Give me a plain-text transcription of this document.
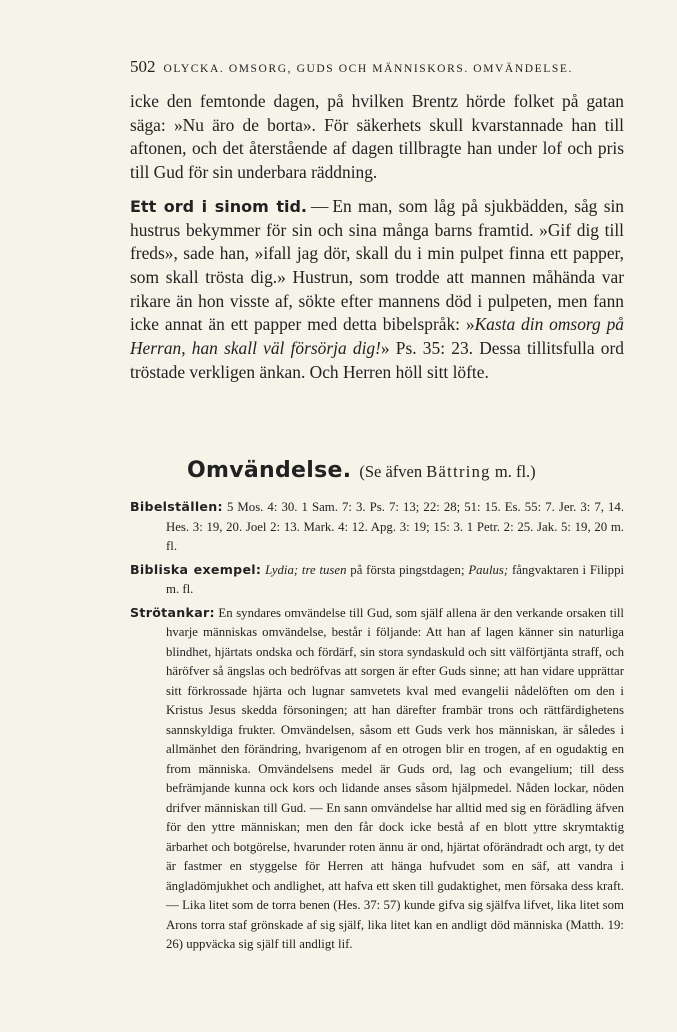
502 OLYCKA. OMSORG, GUDS OCH MÄNNISKORS. OMVÄNDELSE.

icke den femtonde dagen, på hvilken Brentz hörde folket på gatan säga: »Nu äro de borta». För säkerhets skull kvarstannade han till aftonen, och det återstående af dagen tillbragte han under lof och pris till Gud för sin underbara räddning.

Ett ord i sinom tid. — En man, som låg på sjukbädden, såg sin hustrus bekymmer för sin och sina många barns framtid. »Gif dig till freds», sade han, »ifall jag dör, skall du i min pulpet finna ett papper, som skall trösta dig.» Hustrun, som trodde att mannen måhända var rikare än hon visste af, sökte efter mannens död i pulpeten, men fann icke annat än ett papper med detta bibelspråk: »Kasta din omsorg på Herran, han skall väl försörja dig!» Ps. 35: 23. Dessa tillitsfulla ord tröstade verkligen änkan. Och Herren höll sitt löfte.

Omvändelse. (Se äfven Bättring m. fl.)

Bibelställen: 5 Mos. 4: 30. 1 Sam. 7: 3. Ps. 7: 13; 22: 28; 51: 15. Es. 55: 7. Jer. 3: 7, 14. Hes. 3: 19, 20. Joel 2: 13. Mark. 4: 12. Apg. 3: 19; 15: 3. 1 Petr. 2: 25. Jak. 5: 19, 20 m. fl.

Bibliska exempel: Lydia; tre tusen på första pingstdagen; Paulus; fångvaktaren i Filippi m. fl.

Strötankar: En syndares omvändelse till Gud, som själf allena är den verkande orsaken till hvarje människas omvändelse, består i följande: Att han af lagen känner sin naturliga blindhet, hjärtats ondska och fördärf, sin stora syndaskuld och sitt välförtjänta straff, och häröfver så ängslas och bedröfvas att sorgen är efter Guds sinne; att han vidare upprättar sitt förkrossade hjärta och lugnar samvetets kval med evangelii nådelöften om den i Kristus Jesus skedda försoningen; att han därefter frambär trons och rättfärdighetens sannskyldiga frukter. Omvändelsen, såsom ett Guds verk hos människan, är således i allmänhet den förändring, hvarigenom af en otrogen blir en trogen, af en ogudaktig en from människa. Omvändelsens medel är Guds ord, lag och evangelium; till dess befrämjande kunna ock kors och lidande anses såsom hjälpmedel. Nåden lockar, nöden drifver människan till Gud. — En sann omvändelse har alltid med sig en förädling äfven för den yttre människan; men den får dock icke bestå af en blott yttre skrymtaktig ärbarhet och botgörelse, hvarunder roten ännu är ond, hjärtat oförändradt och argt, ty det är fastmer en styggelse för Herren att hänga hufvudet som en säf, att vandra i ängladömjukhet och andlighet, att hafva ett sken till gudaktighet, men försaka dess kraft. — Lika litet som de torra benen (Hes. 37: 57) kunde gifva sig själfva lifvet, lika litet som Arons torra staf grönskade af sig själf, lika litet kan en andligt död människa (Matth. 19: 26) uppväcka sig själf till andligt lif.
